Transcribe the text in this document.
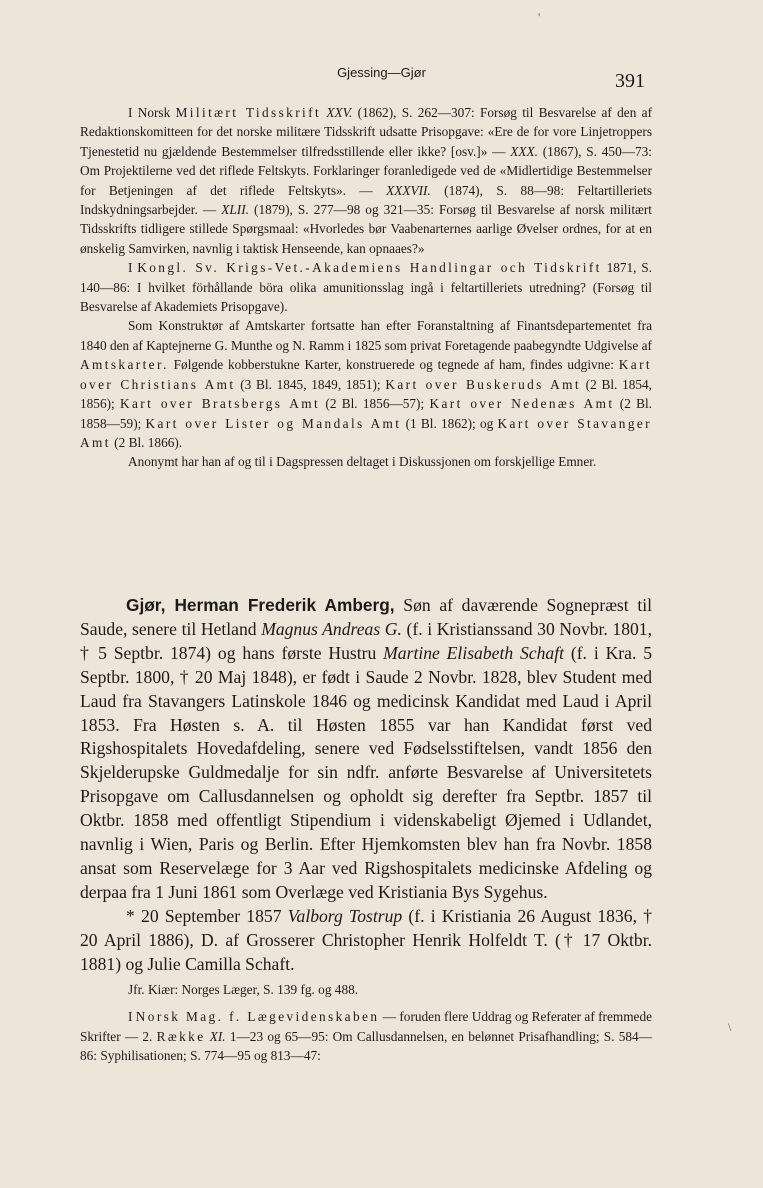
'
\
Gjessing—Gjør	391

I Norsk Militært Tidsskrift XXV. (1862), S. 262—307: Forsøg til Besvarelse af den af Redaktionskomitteen for det norske militære Tidsskrift udsatte Prisopgave: «Ere de for vore Linjetroppers Tjenestetid nu gjældende Bestemmelser tilfredsstillende eller ikke? [osv.]» — XXX. (1867), S. 450—73: Om Projektilerne ved det riflede Feltskyts. Forklaringer foranledigede ved de «Midlertidige Bestemmelser for Betjeningen af det riflede Feltskyts». — XXXVII. (1874), S. 88—98: Feltartilleriets Indskydningsarbejder. — XLII. (1879), S. 277—98 og 321—35: Forsøg til Besvarelse af norsk militært Tidsskrifts tidligere stillede Spørgsmaal: «Hvorledes bør Vaabenarternes aarlige Øvelser ordnes, for at en ønskelig Samvirken, navnlig i taktisk Henseende, kan opnaaes?»

I Kongl. Sv. Krigs-Vet.-Akademiens Handlingar och Tidskrift 1871, S. 140—86: I hvilket förhållande böra olika amunitionsslag ingå i feltartilleriets utredning? (Forsøg til Besvarelse af Akademiets Prisopgave).

Som Konstruktør af Amtskarter fortsatte han efter Foranstaltning af Finantsdepartementet fra 1840 den af Kaptejnerne G. Munthe og N. Ramm i 1825 som privat Foretagende paabegyndte Udgivelse af Amtskarter. Følgende kobberstukne Karter, konstruerede og tegnede af ham, findes udgivne: Kart over Christians Amt (3 Bl. 1845, 1849, 1851); Kart over Buskeruds Amt (2 Bl. 1854, 1856); Kart over Bratsbergs Amt (2 Bl. 1856—57); Kart over Nedenæs Amt (2 Bl. 1858—59); Kart over Lister og Mandals Amt (1 Bl. 1862); og Kart over Stavanger Amt (2 Bl. 1866).

Anonymt har han af og til i Dagspressen deltaget i Diskussjonen om forskjellige Emner.

Gjør, Herman Frederik Amberg, Søn af daværende Sognepræst til Saude, senere til Hetland Magnus Andreas G. (f. i Kristianssand 30 Novbr. 1801, † 5 Septbr. 1874) og hans første Hustru Martine Elisabeth Schaft (f. i Kra. 5 Septbr. 1800, † 20 Maj 1848), er født i Saude 2 Novbr. 1828, blev Student med Laud fra Stavangers Latinskole 1846 og medicinsk Kandidat med Laud i April 1853. Fra Høsten s. A. til Høsten 1855 var han Kandidat først ved Rigshospitalets Hovedafdeling, senere ved Fødselsstiftelsen, vandt 1856 den Skjelderupske Guldmedalje for sin ndfr. anførte Besvarelse af Universitetets Prisopgave om Callusdannelsen og opholdt sig derefter fra Septbr. 1857 til Oktbr. 1858 med offentligt Stipendium i videnskabeligt Øjemed i Udlandet, navnlig i Wien, Paris og Berlin. Efter Hjemkomsten blev han fra Novbr. 1858 ansat som Reservelæge for 3 Aar ved Rigshospitalets medicinske Afdeling og derpaa fra 1 Juni 1861 som Overlæge ved Kristiania Bys Sygehus.

* 20 September 1857 Valborg Tostrup (f. i Kristiania 26 August 1836, † 20 April 1886), D. af Grosserer Christopher Henrik Holfeldt T. († 17 Oktbr. 1881) og Julie Camilla Schaft.

Jfr. Kiær: Norges Læger, S. 139 fg. og 488.

I Norsk Mag. f. Lægevidenskaben — foruden flere Uddrag og Referater af fremmede Skrifter — 2. Række XI. 1—23 og 65—95: Om Callusdannelsen, en belønnet Prisafhandling; S. 584—86: Syphilisationen; S. 774—95 og 813—47:
